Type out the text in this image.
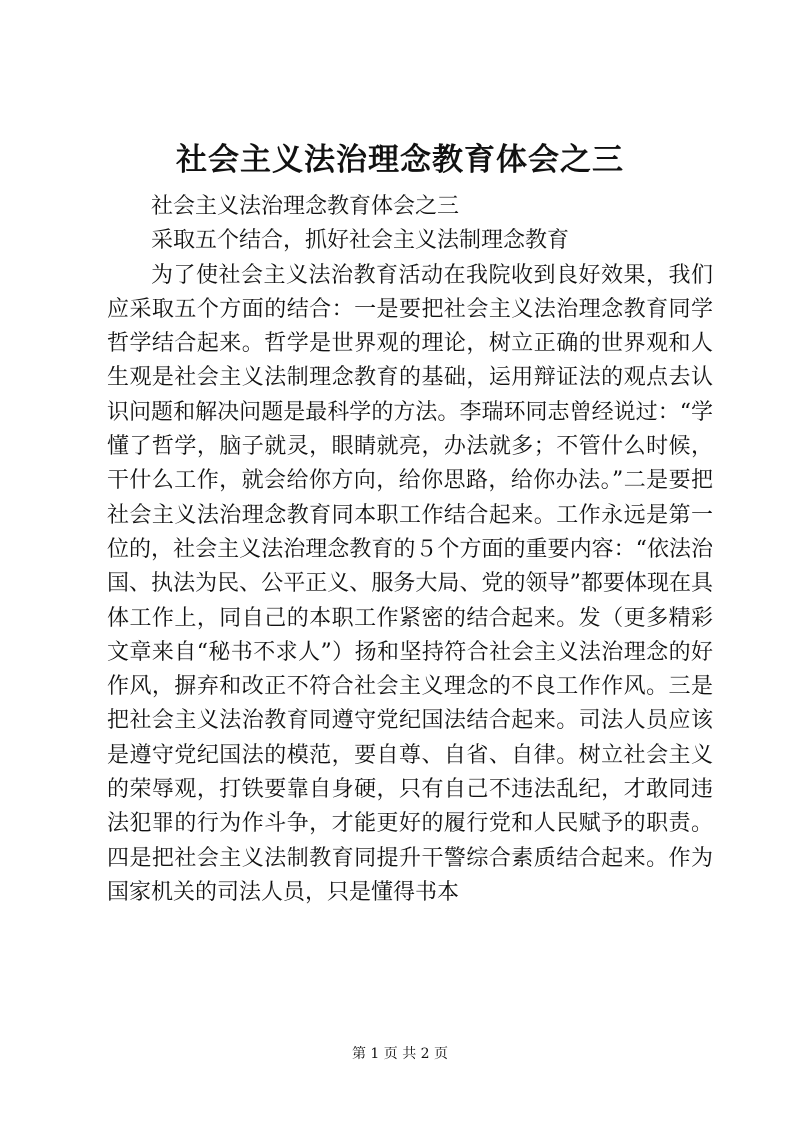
社会主义法治理念教育体会之三

社会主义法治理念教育体会之三

采取五个结合，抓好社会主义法制理念教育

为了使社会主义法治教育活动在我院收到良好效果，我们应采取五个方面的结合：一是要把社会主义法治理念教育同学哲学结合起来。哲学是世界观的理论，树立正确的世界观和人生观是社会主义法制理念教育的基础，运用辩证法的观点去认识问题和解决问题是最科学的方法。李瑞环同志曾经说过：“学懂了哲学，脑子就灵，眼睛就亮，办法就多；不管什么时候，干什么工作，就会给你方向，给你思路，给你办法。”二是要把社会主义法治理念教育同本职工作结合起来。工作永远是第一位的，社会主义法治理念教育的５个方面的重要内容：“依法治国、执法为民、公平正义、服务大局、党的领导”都要体现在具体工作上，同自己的本职工作紧密的结合起来。发（更多精彩文章来自“秘书不求人”）扬和坚持符合社会主义法治理念的好作风，摒弃和改正不符合社会主义理念的不良工作作风。三是把社会主义法治教育同遵守党纪国法结合起来。司法人员应该是遵守党纪国法的模范，要自尊、自省、自律。树立社会主义的荣辱观，打铁要靠自身硬，只有自己不违法乱纪，才敢同违法犯罪的行为作斗争，才能更好的履行党和人民赋予的职责。四是把社会主义法制教育同提升干警综合素质结合起来。作为国家机关的司法人员，只是懂得书本

第 1 页 共 2 页
